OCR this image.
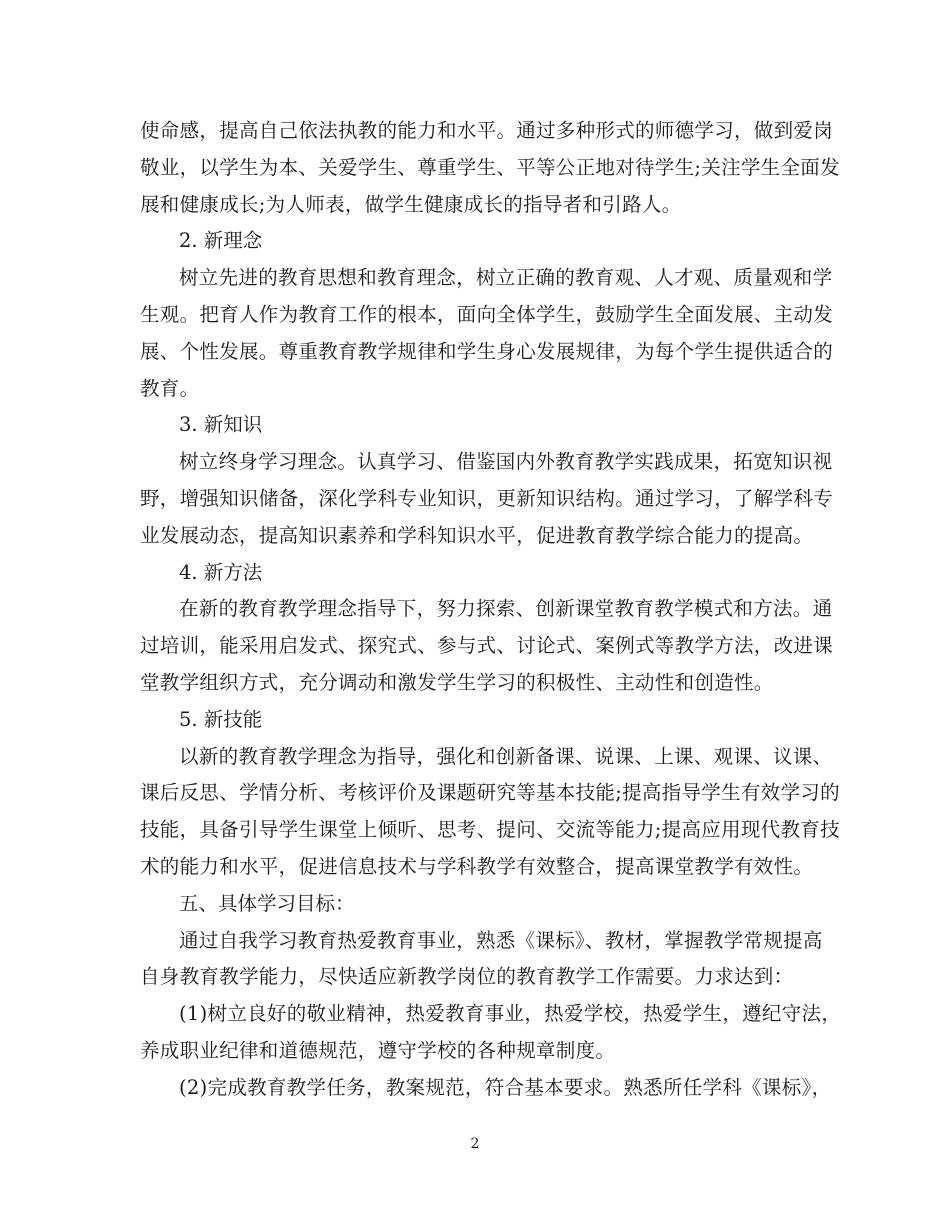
使命感，提高自己依法执教的能力和水平。通过多种形式的师德学习，做到爱岗
敬业，以学生为本、关爱学生、尊重学生、平等公正地对待学生;关注学生全面发
展和健康成长;为人师表，做学生健康成长的指导者和引路人。
2. 新理念
树立先进的教育思想和教育理念，树立正确的教育观、人才观、质量观和学
生观。把育人作为教育工作的根本，面向全体学生，鼓励学生全面发展、主动发
展、个性发展。尊重教育教学规律和学生身心发展规律，为每个学生提供适合的
教育。
3. 新知识
树立终身学习理念。认真学习、借鉴国内外教育教学实践成果，拓宽知识视
野，增强知识储备，深化学科专业知识，更新知识结构。通过学习，了解学科专
业发展动态，提高知识素养和学科知识水平，促进教育教学综合能力的提高。
4. 新方法
在新的教育教学理念指导下，努力探索、创新课堂教育教学模式和方法。通
过培训，能采用启发式、探究式、参与式、讨论式、案例式等教学方法，改进课
堂教学组织方式，充分调动和激发学生学习的积极性、主动性和创造性。
5. 新技能
以新的教育教学理念为指导，强化和创新备课、说课、上课、观课、议课、
课后反思、学情分析、考核评价及课题研究等基本技能;提高指导学生有效学习的
技能，具备引导学生课堂上倾听、思考、提问、交流等能力;提高应用现代教育技
术的能力和水平，促进信息技术与学科教学有效整合，提高课堂教学有效性。
五、具体学习目标：
通过自我学习教育热爱教育事业，熟悉《课标》、教材，掌握教学常规提高
自身教育教学能力，尽快适应新教学岗位的教育教学工作需要。力求达到：
(1)树立良好的敬业精神，热爱教育事业，热爱学校，热爱学生，遵纪守法，
养成职业纪律和道德规范，遵守学校的各种规章制度。
(2)完成教育教学任务，教案规范，符合基本要求。熟悉所任学科《课标》，
2
